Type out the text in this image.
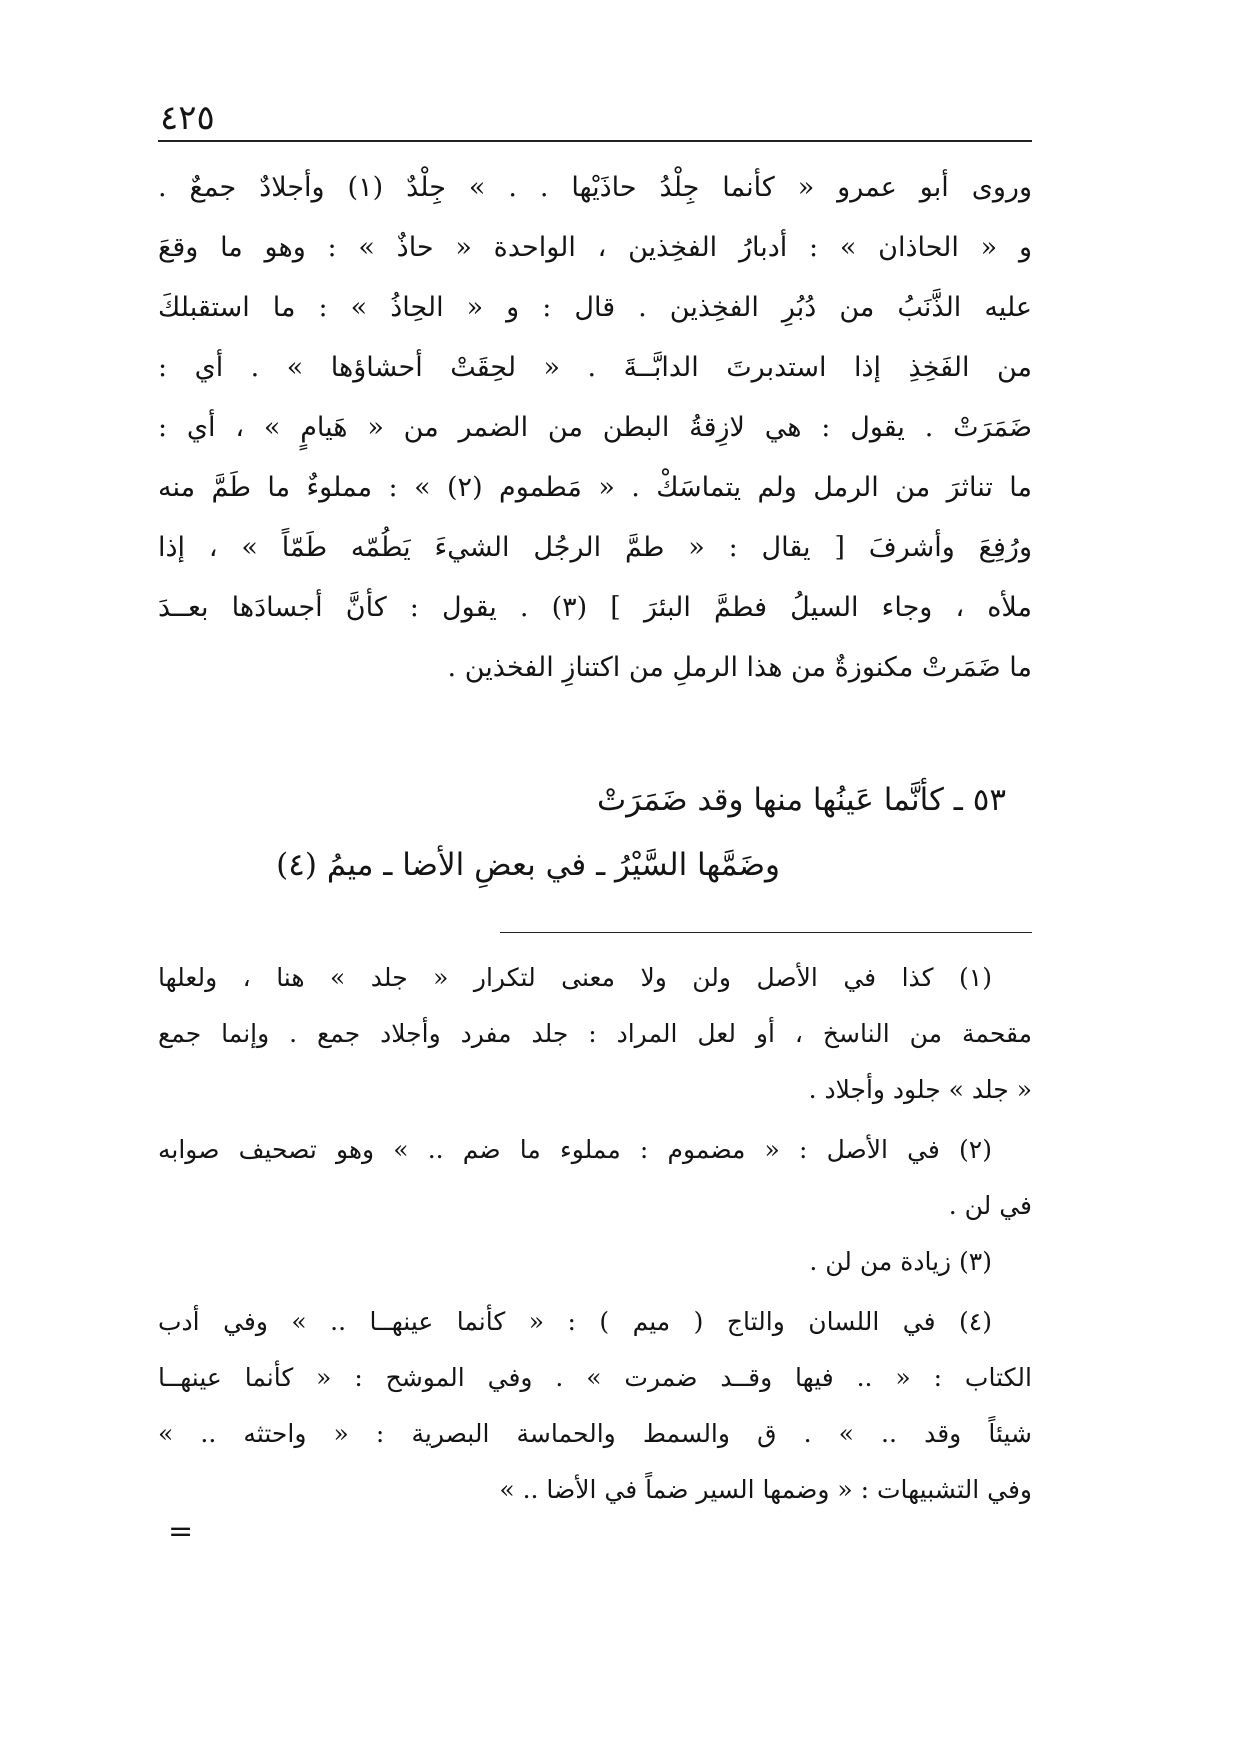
٤٢٥
وروى أبو عمرو « كأنما جِلْدُ حاذَيْها . . » جِلْدٌ (١) وأجلادٌ جمعٌ .
و « الحاذان » : أدبارُ الفخِذين ، الواحدة « حاذٌ » : وهو ما وقعَ
عليه الذَّنَبُ من دُبُرِ الفخِذين . قال : و « الحِاذُ » : ما استقبلكَ
من الفَخِذِ إذا استدبرتَ الدابَّــةَ . « لحِقَتْ أحشاؤها » . أي :
ضَمَرَتْ . يقول : هي لازِقةُ البطن من الضمر من « هَيامٍ » ، أي :
ما تناثرَ من الرمل ولم يتماسَكْ . « مَطموم (٢) » : مملوءٌ ما طَمَّ منه
ورُفِعَ وأشرفَ [ يقال : « طمَّ الرجُل الشيءَ يَطُمّه طَمّاً » ، إذا
ملأه ، وجاء السيلُ فطمَّ البئرَ ] (٣) . يقول : كأنَّ أجسادَها بعــدَ
ما ضَمَرتْ مكنوزةٌ من هذا الرملِ من اكتنازِ الفخذين .
٥٣ ـ كأنَّما عَينُها منها وقد ضَمَرَتْ
وضَمَّها السَّيْرُ ـ في بعضِ الأضا ـ ميمُ (٤)
(١) كذا في الأصل ولن ولا معنى لتكرار « جلد » هنا ، ولعلها
مقحمة من الناسخ ، أو لعل المراد : جلد مفرد وأجلاد جمع . وإنما جمع
« جلد » جلود وأجلاد .
(٢) في الأصل : « مضموم : مملوء ما ضم .. » وهو تصحيف صوابه
في لن .
(٣) زيادة من لن .
(٤) في اللسان والتاج ( ميم ) : « كأنما عينهــا .. » وفي أدب
الكتاب : « .. فيها وقــد ضمرت » . وفي الموشح : « كأنما عينهــا
شيئاً وقد .. » . ق والسمط والحماسة البصرية : « واحتثه .. »
وفي التشبيهات : « وضمها السير ضماً في الأضا .. »
=
